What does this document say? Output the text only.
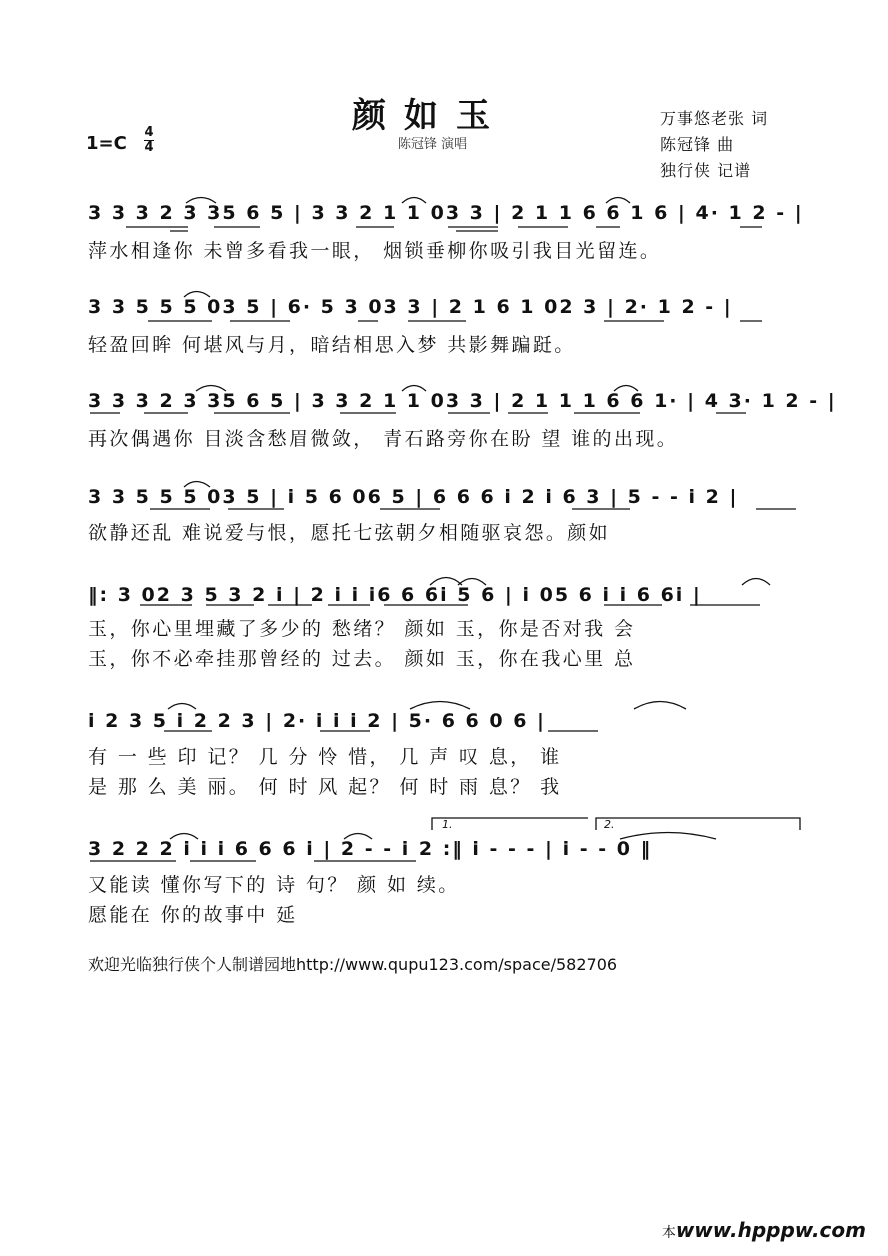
颜如玉
陈冠锋 演唱
万事悠老张 词
陈冠锋 曲
独行侠 记谱
1=C
4
4
3 3 3 2 3 35 6 5 | 3 3 2 1 1 03 3 | 2 1 1 6 6 1 6 | 4· 1 2 - |
萍水相逢你 未曾多看我一眼， 烟锁垂柳你吸引我目光留连。
3 3 5 5 5 03 5 | 6· 5 3 03 3 | 2 1 6 1 02 3 | 2· 1 2 - |
轻盈回眸 何堪风与月，暗结相思入梦 共影舞蹁跹。
3 3 3 2 3 35 6 5 | 3 3 2 1 1 03 3 | 2 1 1 1 6 6 1· | 4 3· 1 2 - |
再次偶遇你 目淡含愁眉微敛， 青石路旁你在盼 望 谁的出现。
3 3 5 5 5 03 5 | i 5 6 06 5 | 6 6 6 i 2 i 6 3 | 5 - - i 2 |
欲静还乱 难说爱与恨，愿托七弦朝夕相随驱哀怨。颜如
‖: 3 02 3 5 3 2 i | 2 i i i6 6 6i 5 6 | i 05 6 i i 6 6i |
玉，你心里埋藏了多少的 愁绪？ 颜如 玉，你是否对我 会
玉，你不必牵挂那曾经的 过去。 颜如 玉，你在我心里 总
i 2 3 5 i 2 2 3 | 2· i i i 2 | 5· 6 6 0 6 |
有 一 些 印 记？ 几 分 怜 惜， 几 声 叹 息， 谁
是 那 么 美 丽。 何 时 风 起？ 何 时 雨 息？ 我
3 2 2 2 i i i 6 6 6 i | 2 - - i 2 :‖ i - - - | i - - 0 ‖
又能读 懂你写下的 诗 句？ 颜 如 续。
愿能在 你的故事中 延
1.	2.
欢迎光临独行侠个人制谱园地http://www.qupu123.com/space/582706
本www.hpppw.com
